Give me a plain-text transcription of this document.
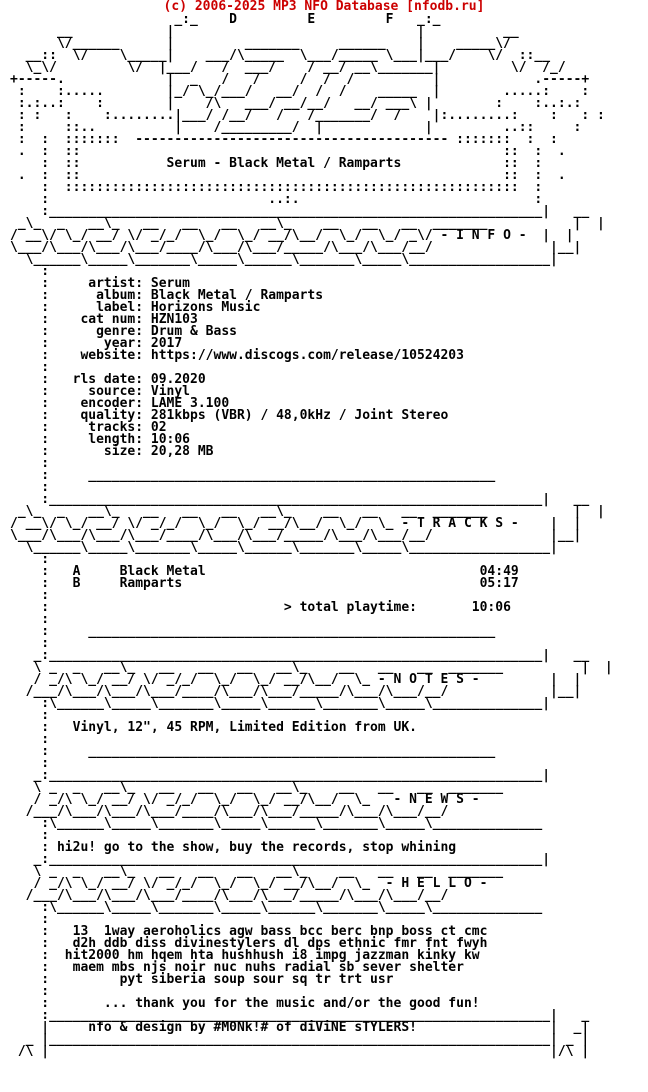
(c) 2006-2025 MP3 NFO Database [nfodb.ru]
_:_    D         E         F   _:_
__            |                               |          __
\/______      |         _______     ______    |    _____\/
__::  \/    \_____|    ___/\_____  \___/_____ \___|___/    \/  ::__
\_\/         \/  |___/   /  ___/    / __/ __\_______|         \/  /_/
+-----.             |  _   /   /     /  /  /          |            .-----+
:    :.....        |_/ \_/___/   __/  /  /    _____  |        .....:    :
:.:..:    :        |    /\   ___/ __/__/   __/ ___\ |        :    :..:.:
: :   :    :........|___/ /__/   /   /_______/  /    |:........:    :   : :
:     ::..          |    /_________/  |             |         ..::     :
:  :  :::::::  ---------------------------------------- :::::::  :  :
.  :  ::                                                      ::  :  .
:  ::           Serum - Black Metal / Ramparts             ::  :
.  :  ::                                                      ::  :  .
:  ::::::::::::::::::::::::::::::::::::::::::::::::::::::::::  :
:                            ..:.                              :
:_______________________________________________________________|   __
_\_  _   __\_   __   __   __   __\_    __   __   __  _______           |  |
/ __\/ \_/ __/ \/ _/_/  \_/  \_/ __/\__/  \_/  \_/ _\/ - I N F O -  |  |
\___/\___/\___/\___/____/\___/\___/_____/\___/\___/__/               |__|
\______\_____\_______\_____\______\_______\_____\__________________|
:
:     artist: Serum
:      album: Black Metal / Ramparts
:      label: Horizons Music
:    cat num: HZN103
:      genre: Drum & Bass
:       year: 2017
:    website: https://www.discogs.com/release/10524203
:
:   rls date: 09.2020
:     source: Vinyl
:    encoder: LAME 3.100
:    quality: 281kbps (VBR) / 48,0kHz / Joint Stereo
:     tracks: 02
:     length: 10:06
:       size: 20,28 MB
:
:     ____________________________________________________
:
:_______________________________________________________________|   __
_\_  _   __\_   __   __   __   __\_    __   __   __  _______           |  |
/ __\/ \_/ __/ \/ _/_/  \_/  \_/ __/\__/  \_/  \_ - T R A C K S -    |  |
\___/\___/\___/\___/____/\___/\___/_____/\___/\___/__/               |__|
\______\_____\_______\_____\______\_______\_____\__________________|
:
:   A     Black Metal                                   04:49
:   B     Ramparts                                      05:17
:
:                              > total playtime:       10:06
:
:     ____________________________________________________
:
_:_______________________________________________________________|   __
\ _  _   __\_   __   __   __   __\_    __   __   __  _______          |  |
/ _/\ \_/ __/ \/ _/_/  \_/  \_/ __/\__/  \_ - N O T E S -         |  |
/___/\___/\___/\___/____/\___/\___/_____/\___/\___/__/             |__|
:\______\_____\_______\_____\______\_______\_____\______________|
:
:   Vinyl, 12", 45 RPM, Limited Edition from UK.
:
:     ____________________________________________________
:
_:_______________________________________________________________|
\ _  _   __\_   __   __   __   __\_    __   __   __  _______
/ _/\ \_/ __/ \/ _/_/  \_/  \_/ __/\__/  \_   - N E W S -
/___/\___/\___/\___/____/\___/\___/_____/\___/\___/__/
:\______\_____\_______\_____\______\_______\_____\______________
:
: hi2u! go to the show, buy the records, stop whining
_:_______________________________________________________________|
\ _  _   __\_   __   __   __   __\_    __   __   __  _______
/ _/\ \_/ __/ \/ _/_/  \_/  \_/ __/\__/  \_  - H E L L O -
/___/\___/\___/\___/____/\___/\___/_____/\___/\___/__/
:\______\_____\_______\_____\______\_______\_____\______________
:
:   13  1way aeroholics agw bass bcc berc bnp boss ct cmc
:   d2h ddb diss divinestylers dl dps ethnic fmr fnt fwyh
:  hit2000 hm hqem hta hushhush i8 impg jazzman kinky kw
:   maem mbs njs noir nuc nuhs radial sb sever shelter
:         pyt siberia soup sour sq tr trt usr
:
:       ... thank you for the music and/or the good fun!
:________________________________________________________________|   _
|     nfo & design by #M0Nk!# of diViNE sTYLERS!                 |  _|
_ |________________________________________________________________| _ |
/\ |                                                                |/\ |
